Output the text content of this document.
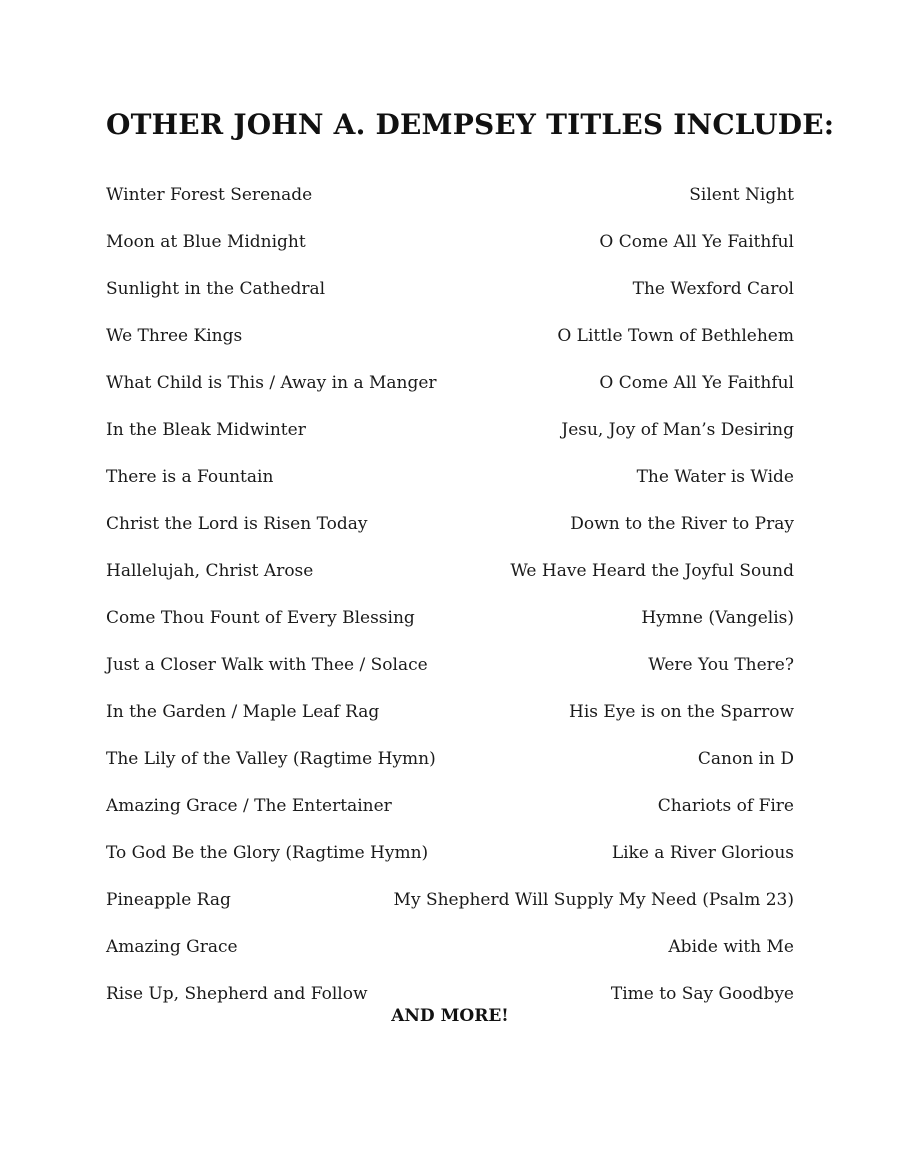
OTHER JOHN A. DEMPSEY TITLES INCLUDE:
Winter Forest Serenade	Silent Night
Moon at Blue Midnight	O Come All Ye Faithful
Sunlight in the Cathedral	The Wexford Carol
We Three Kings	O Little Town of Bethlehem
What Child is This / Away in a Manger	O Come All Ye Faithful
In the Bleak Midwinter	Jesu, Joy of Man’s Desiring
There is a Fountain	The Water is Wide
Christ the Lord is Risen Today	Down to the River to Pray
Hallelujah, Christ Arose	We Have Heard the Joyful Sound
Come Thou Fount of Every Blessing	Hymne (Vangelis)
Just a Closer Walk with Thee / Solace	Were You There?
In the Garden / Maple Leaf Rag	His Eye is on the Sparrow
The Lily of the Valley (Ragtime Hymn)	Canon in D
Amazing Grace / The Entertainer	Chariots of Fire
To God Be the Glory (Ragtime Hymn)	Like a River Glorious
Pineapple Rag	My Shepherd Will Supply My Need (Psalm 23)
Amazing Grace	Abide with Me
Rise Up, Shepherd and Follow	Time to Say Goodbye
AND MORE!
